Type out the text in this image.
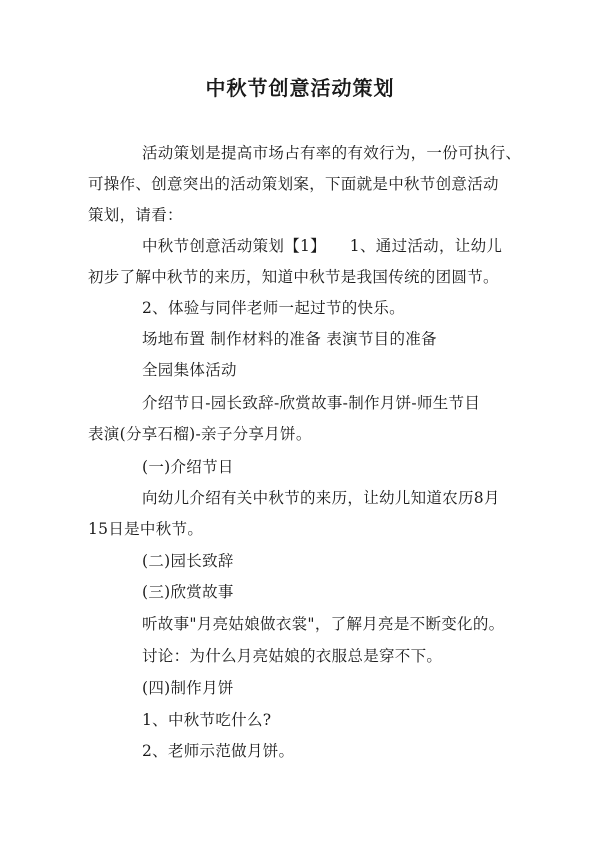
中秋节创意活动策划
活动策划是提高市场占有率的有效行为，一份可执行、
可操作、创意突出的活动策划案，下面就是中秋节创意活动
策划，请看：
中秋节创意活动策划【1】　　1、通过活动，让幼儿
初步了解中秋节的来历，知道中秋节是我国传统的团圆节。
2、体验与同伴老师一起过节的快乐。
场地布置 制作材料的准备 表演节目的准备
全园集体活动
介绍节日-园长致辞-欣赏故事-制作月饼-师生节目
表演(分享石榴)-亲子分享月饼。
(一)介绍节日
向幼儿介绍有关中秋节的来历，让幼儿知道农历8月
15日是中秋节。
(二)园长致辞
(三)欣赏故事
听故事"月亮姑娘做衣裳"，了解月亮是不断变化的。
讨论：为什么月亮姑娘的衣服总是穿不下。
(四)制作月饼
1、中秋节吃什么?
2、老师示范做月饼。
